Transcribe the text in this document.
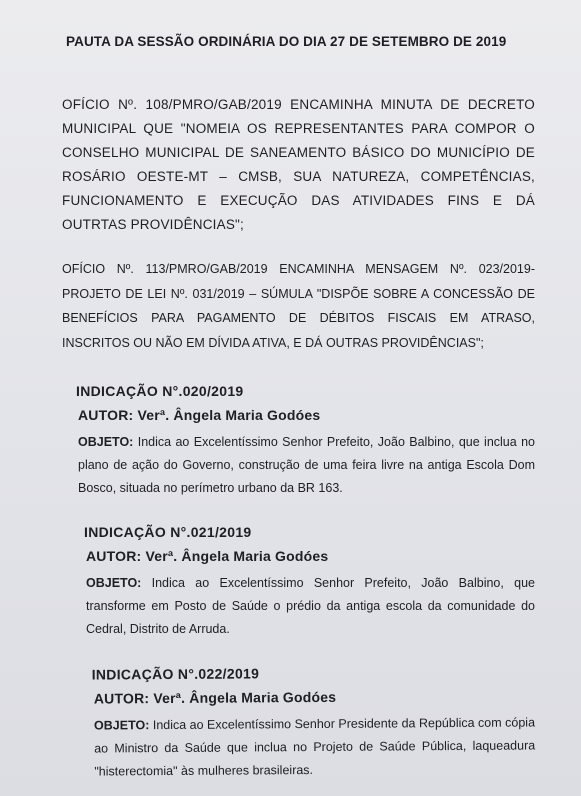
PAUTA DA SESSÃO ORDINÁRIA DO DIA 27 DE SETEMBRO DE 2019

OFÍCIO Nº. 108/PMRO/GAB/2019 ENCAMINHA MINUTA DE DECRETO MUNICIPAL QUE "NOMEIA OS REPRESENTANTES PARA COMPOR O CONSELHO MUNICIPAL DE SANEAMENTO BÁSICO DO MUNICÍPIO DE ROSÁRIO OESTE-MT – CMSB, SUA NATUREZA, COMPETÊNCIAS, FUNCIONAMENTO E EXECUÇÃO DAS ATIVIDADES FINS E DÁ OUTRTAS PROVIDÊNCIAS";

OFÍCIO Nº. 113/PMRO/GAB/2019 ENCAMINHA MENSAGEM Nº. 023/2019- PROJETO DE LEI Nº. 031/2019 – SÚMULA "DISPÕE SOBRE A CONCESSÃO DE BENEFÍCIOS PARA PAGAMENTO DE DÉBITOS FISCAIS EM ATRASO, INSCRITOS OU NÃO EM DÍVIDA ATIVA, E DÁ OUTRAS PROVIDÊNCIAS";

INDICAÇÃO N°.020/2019
AUTOR: Verª. Ângela Maria Godóes

OBJETO: Indica ao Excelentíssimo Senhor Prefeito, João Balbino, que inclua no plano de ação do Governo, construção de uma feira livre na antiga Escola Dom Bosco, situada no perímetro urbano da BR 163.

INDICAÇÃO N°.021/2019
AUTOR: Verª. Ângela Maria Godóes

OBJETO: Indica ao Excelentíssimo Senhor Prefeito, João Balbino, que transforme em Posto de Saúde o prédio da antiga escola da comunidade do Cedral, Distrito de Arruda.

INDICAÇÃO N°.022/2019
AUTOR: Verª. Ângela Maria Godóes

OBJETO: Indica ao Excelentíssimo Senhor Presidente da República com cópia ao Ministro da Saúde que inclua no Projeto de Saúde Pública, laqueadura "histerectomia" às mulheres brasileiras.
